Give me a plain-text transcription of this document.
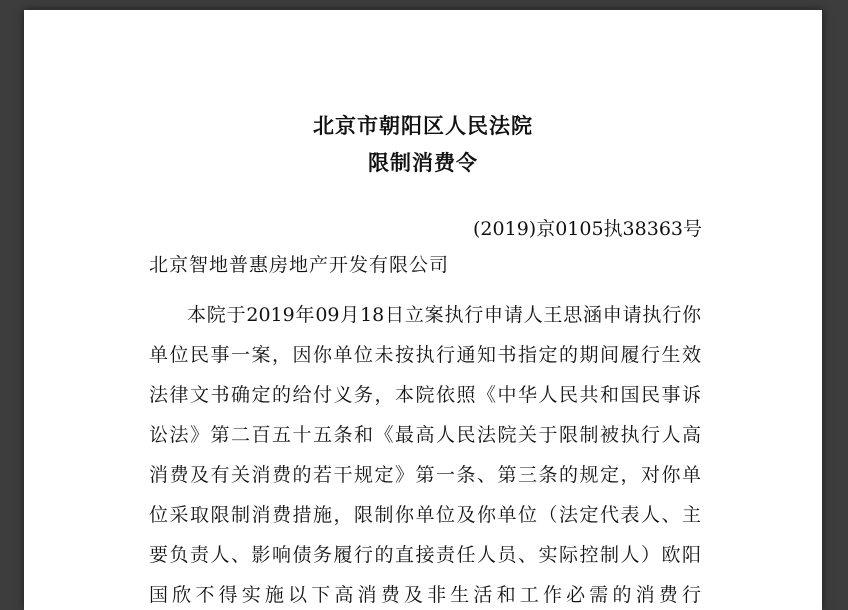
北京市朝阳区人民法院
限制消费令
(2019)京0105执38363号
北京智地普惠房地产开发有限公司
本院于2019年09月18日立案执行申请人王思涵申请执行你
单位民事一案，因你单位未按执行通知书指定的期间履行生效
法律文书确定的给付义务，本院依照《中华人民共和国民事诉
讼法》第二百五十五条和《最高人民法院关于限制被执行人高
消费及有关消费的若干规定》第一条、第三条的规定，对你单
位采取限制消费措施，限制你单位及你单位（法定代表人、主
要负责人、影响债务履行的直接责任人员、实际控制人）欧阳
国欣不得实施以下高消费及非生活和工作必需的消费行
